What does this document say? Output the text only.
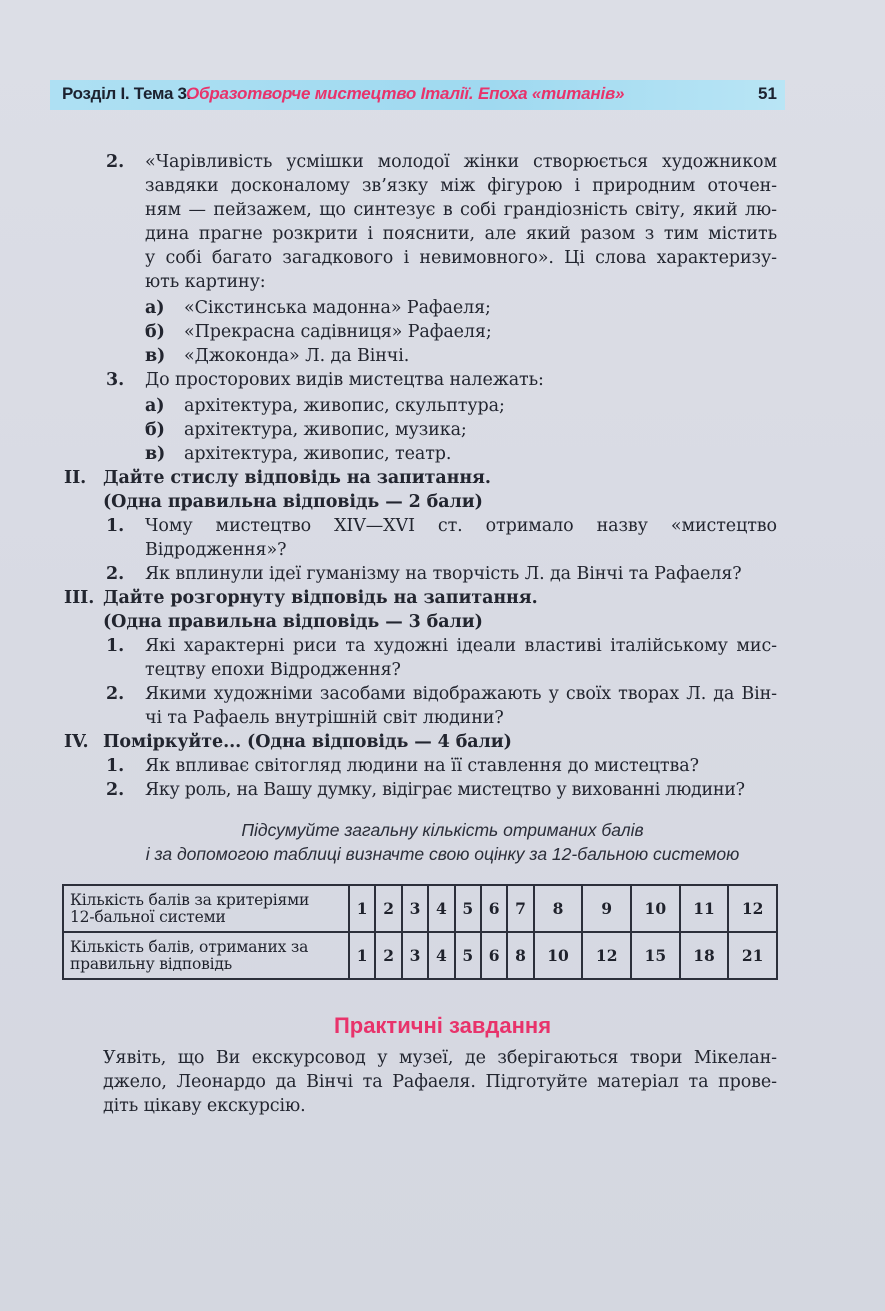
Розділ І. Тема 3.
Образотворче мистецтво Італії. Епоха «титанів»	51
2. «Чарівливість усмішки молодої жінки створюється художником
завдяки досконалому зв’язку між фігурою і природним оточен-
ням — пейзажем, що синтезує в собі грандіозність світу, який лю-
дина прагне розкрити і пояснити, але який разом з тим містить
у собі багато загадкового і невимовного». Ці слова характеризу-
ють картину:
а) «Сікстинська мадонна» Рафаеля;
б) «Прекрасна садівниця» Рафаеля;
в) «Джоконда» Л. да Вінчі.
3. До просторових видів мистецтва належать:
а) архітектура, живопис, скульптура;
б) архітектура, живопис, музика;
в) архітектура, живопис, театр.
II. Дайте стислу відповідь на запитання.
(Одна правильна відповідь — 2 бали)
1. Чому мистецтво XIV—XVI ст. отримало назву «мистецтво
Відродження»?
2. Як вплинули ідеї гуманізму на творчість Л. да Вінчі та Рафаеля?
III. Дайте розгорнуту відповідь на запитання.
(Одна правильна відповідь — 3 бали)
1. Які характерні риси та художні ідеали властиві італійському мис-
тецтву епохи Відродження?
2. Якими художніми засобами відображають у своїх творах Л. да Він-
чі та Рафаель внутрішній світ людини?
IV. Поміркуйте... (Одна відповідь — 4 бали)
1. Як впливає світогляд людини на її ставлення до мистецтва?
2. Яку роль, на Вашу думку, відіграє мистецтво у вихованні людини?
Підсумуйте загальну кількість отриманих балів
і за допомогою таблиці визначте свою оцінку за 12-бальною системою
Кількість балів за критеріями
12-бальної системи	1	2	3	4	5	6	7	8	9	10	11	12
Кількість балів, отриманих за
правильну відповідь	1	2	3	4	5	6	8	10	12	15	18	21
Практичні завдання
Уявіть, що Ви екскурсовод у музеї, де зберігаються твори Мікелан-
джело, Леонардо да Вінчі та Рафаеля. Підготуйте матеріал та прове-
діть цікаву екскурсію.
